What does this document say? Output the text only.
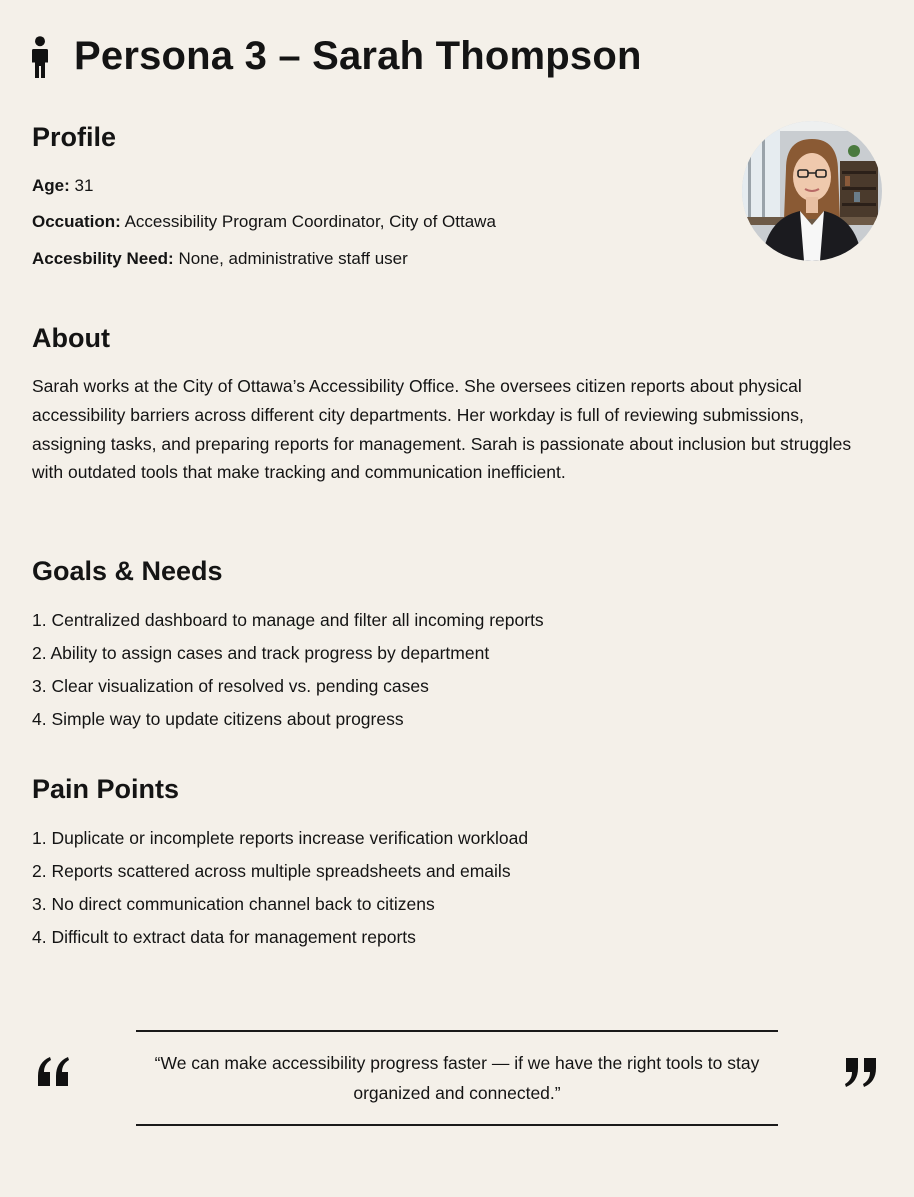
Persona 3 – Sarah Thompson
Profile

Age: 31

Occuation: Accessibility Program Coordinator, City of Ottawa

Accesbility Need: None, administrative staff user

About

Sarah works at the City of Ottawa’s Accessibility Office. She oversees citizen reports about physical accessibility barriers across different city departments. Her workday is full of reviewing submissions, assigning tasks, and preparing reports for management. Sarah is passionate about inclusion but struggles with outdated tools that make tracking and communication inefficient.

Goals & Needs
1. Centralized dashboard to manage and filter all incoming reports
2. Ability to assign cases and track progress by department
3. Clear visualization of resolved vs. pending cases
4. Simple way to update citizens about progress
Pain Points
1. Duplicate or incomplete reports increase verification workload
2. Reports scattered across multiple spreadsheets and emails
3. No direct communication channel back to citizens
4. Difficult to extract data for management reports

“We can make accessibility progress faster — if we have the right tools to stay organized and connected.”
